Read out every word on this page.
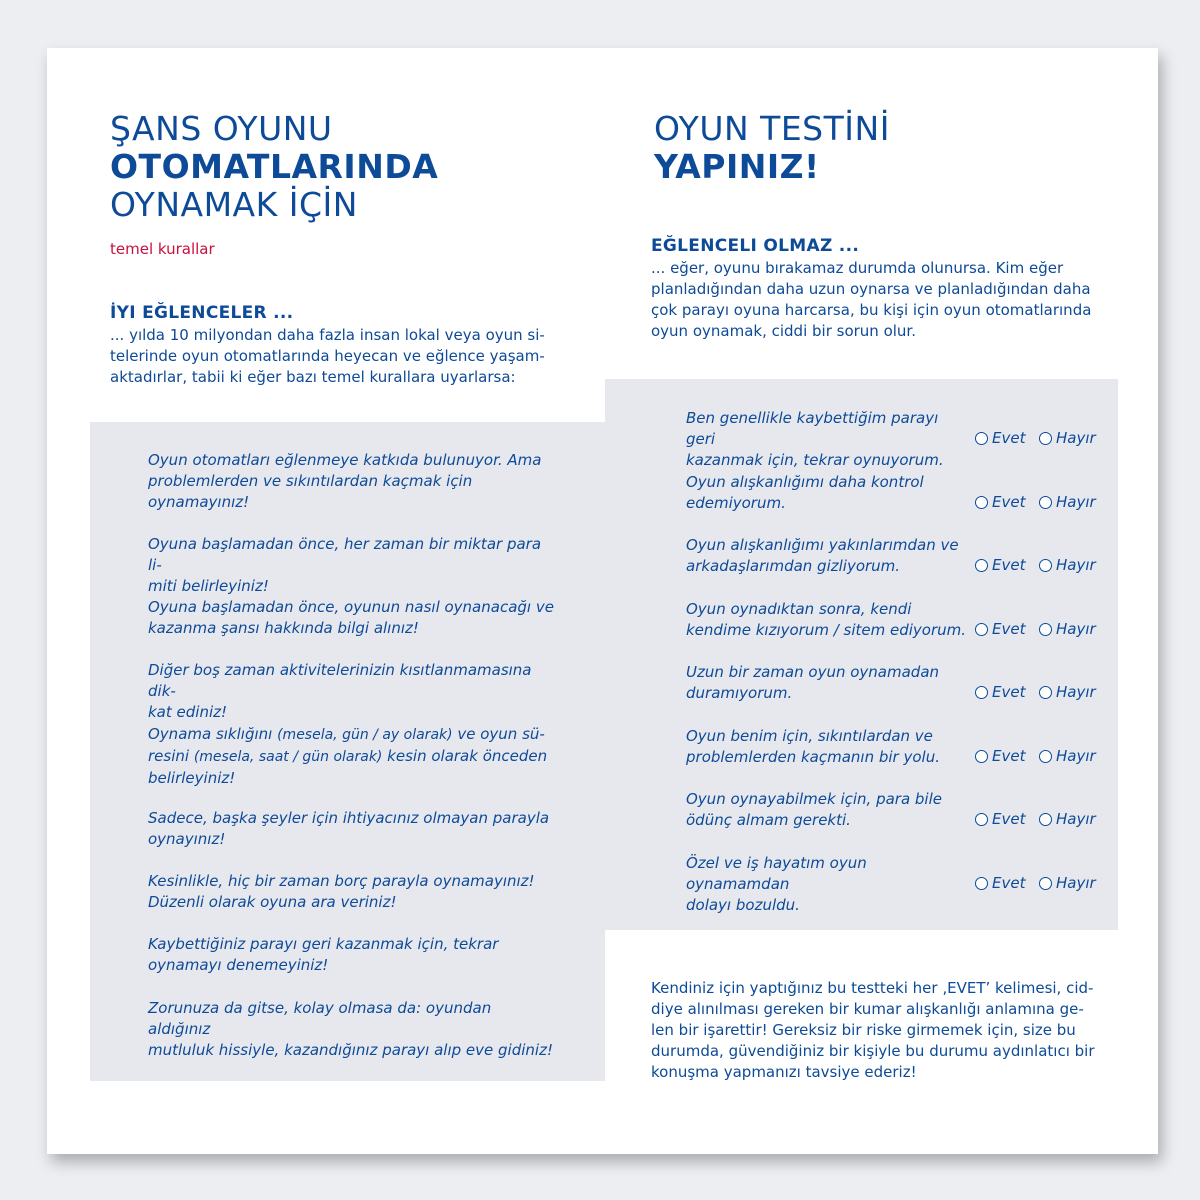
ŞANS OYUNU
OTOMATLARINDA
OYNAMAK İÇİN
temel kurallar
İYI EĞLENCELER ...
... yılda 10 milyondan daha fazla insan lokal veya oyun si-
telerinde oyun otomatlarında heyecan ve eğlence yaşam-
aktadırlar, tabii ki eğer bazı temel kurallara uyarlarsa:
Oyun otomatları eğlenmeye katkıda bulunuyor. Ama
problemlerden ve sıkıntılardan kaçmak için
oynamayınız!
Oyuna başlamadan önce, her zaman bir miktar para li-
miti belirleyiniz!
Oyuna başlamadan önce, oyunun nasıl oynanacağı ve
kazanma şansı hakkında bilgi alınız!
Diğer boş zaman aktivitelerinizin kısıtlanmamasına dik-
kat ediniz!
Oynama sıklığını (mesela, gün / ay olarak) ve oyun sü-
resini (mesela, saat / gün olarak) kesin olarak önceden
belirleyiniz!
Sadece, başka şeyler için ihtiyacınız olmayan parayla
oynayınız!
Kesinlikle, hiç bir zaman borç parayla oynamayınız!
Düzenli olarak oyuna ara veriniz!
Kaybettiğiniz parayı geri kazanmak için, tekrar
oynamayı denemeyiniz!
Zorunuza da gitse, kolay olmasa da: oyundan aldığınız
mutluluk hissiyle, kazandığınız parayı alıp eve gidiniz!
OYUN TESTİNİ
YAPINIZ!
EĞLENCELI OLMAZ ...
... eğer, oyunu bırakamaz durumda olunursa. Kim eğer
planladığından daha uzun oynarsa ve planladığından daha
çok parayı oyuna harcarsa, bu kişi için oyun otomatlarında
oyun oynamak, ciddi bir sorun olur.
Ben genellikle kaybettiğim parayı geri
kazanmak için, tekrar oynuyorum.
Evet Hayır
Oyun alışkanlığımı daha kontrol
edemiyorum.	Evet Hayır
Oyun alışkanlığımı yakınlarımdan ve
arkadaşlarımdan gizliyorum.	Evet Hayır
Oyun oynadıktan sonra, kendi
kendime kızıyorum / sitem ediyorum.	Evet Hayır
Uzun bir zaman oyun oynamadan
duramıyorum.	Evet Hayır
Oyun benim için, sıkıntılardan ve
problemlerden kaçmanın bir yolu.	Evet Hayır
Oyun oynayabilmek için, para bile
ödünç almam gerekti.	Evet Hayır
Özel ve iş hayatım oyun oynamamdan
dolayı bozuldu.
Evet Hayır
Kendiniz için yaptığınız bu testteki her ‚EVET’ kelimesi, cid-
diye alınılması gereken bir kumar alışkanlığı anlamına ge-
len bir işarettir! Gereksiz bir riske girmemek için, size bu
durumda, güvendiğiniz bir kişiyle bu durumu aydınlatıcı bir
konuşma yapmanızı tavsiye ederiz!
